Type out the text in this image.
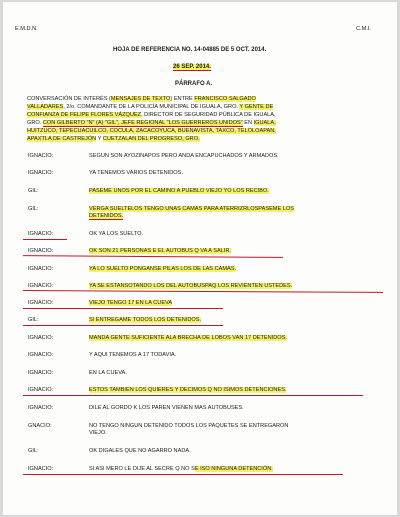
E.M.D.N.	C.M.I.
HOJA DE REFERENCIA NO. 14-04885 DE 5 OCT. 2014.
26 SEP. 2014.
PÁRRAFO A.
CONVERSACIÓN DE INTERÉS (MENSAJES DE TEXTO) ENTRE FRANCISCO SALGADO
VALLADARES, 2/o. COMANDANTE DE LA POLICÍA MUNICIPAL DE IGUALA, GRO. Y GENTE DE
CONFIANZA DE FELIPE FLORES VÁZQUEZ, DIRECTOR DE SEGURIDAD PÚBLICA DE IGUALA,
GRO. CON GILBERTO "N" (A) "GIL", JEFE REGIONAL "LOS GUERREROS UNIDOS" EN IGUALA,
HUITZUCO, TEPECUACUILCO, COCULA, ZACACOYUCA, BUENAVISTA, TAXCO, TELOLOAPAN,
APAXTLA DE CASTREJÓN Y CUETZALAN DEL PROGRESO, GRO.
IGNACIO:	SEGUN SON AYOZINAPOS PERO ANDA ENCAPUCHADOS Y ARMADOS.
IGNACIO:	YA TENEMOS VARIOS DETENIDOS.
GIL:	PASEME UNOS POR EL CAMINO A PUEBLO VIEJO YO LOS RECIBO.
GIL:	VERGA SUELTELOS TENGO UNAS CAMAS PARA ATERRIZRLOSPASEME LOS
DETENIDOS.
IGNACIO:	OK YA LOS SUELTO.
IGNACIO:	OK SON 21 PERSONAS E EL AUTOBUS Q VA A SALIR.
IGNACIO:	YA LO SUELTO PONGANSE PILAS LOS DE LAS CAMAS.
IGNACIO:	YA SE ESTANSOTANDO LOS DEL AUTOBUSPAQ LOS REVIENTEN USTEDES.
IGNACIO:	VIEJO TENGO 17 EN LA CUEVA
GIL:	SI ENTREGAME TODOS LOS DETENIDOS.
IGNACIO:	MANDA GENTE SUFICIENTE ALA BRECHA DE LOBOS VAN 17 DETENIDOS.
IGNACIO:	Y AQUI TENEMOS A 17 TODAVIA.
IGNACIO:	EN LA CUEVA.
IGNACIO:	ESTOS TAMBIEN LOS QUIERES Y DECIMOS Q NO ISIMOS DETENCIONES.
IGNACIO:	DILE AL GORDO K LOS PAREN VIENEN MAS AUTOBUSES.
GNACIO:	NO TENGO NINGUN DETENIDO TODOS LOS PAQUETES SE ENTREGARON
VIEJO.
GIL:	OK DIGALES QUE NO AGARRO NADA.
IGNACIO:	SI ASI MERO LE DIJE AL SECRE Q NO SE ISO NINGUNA DETENCIÓN.
